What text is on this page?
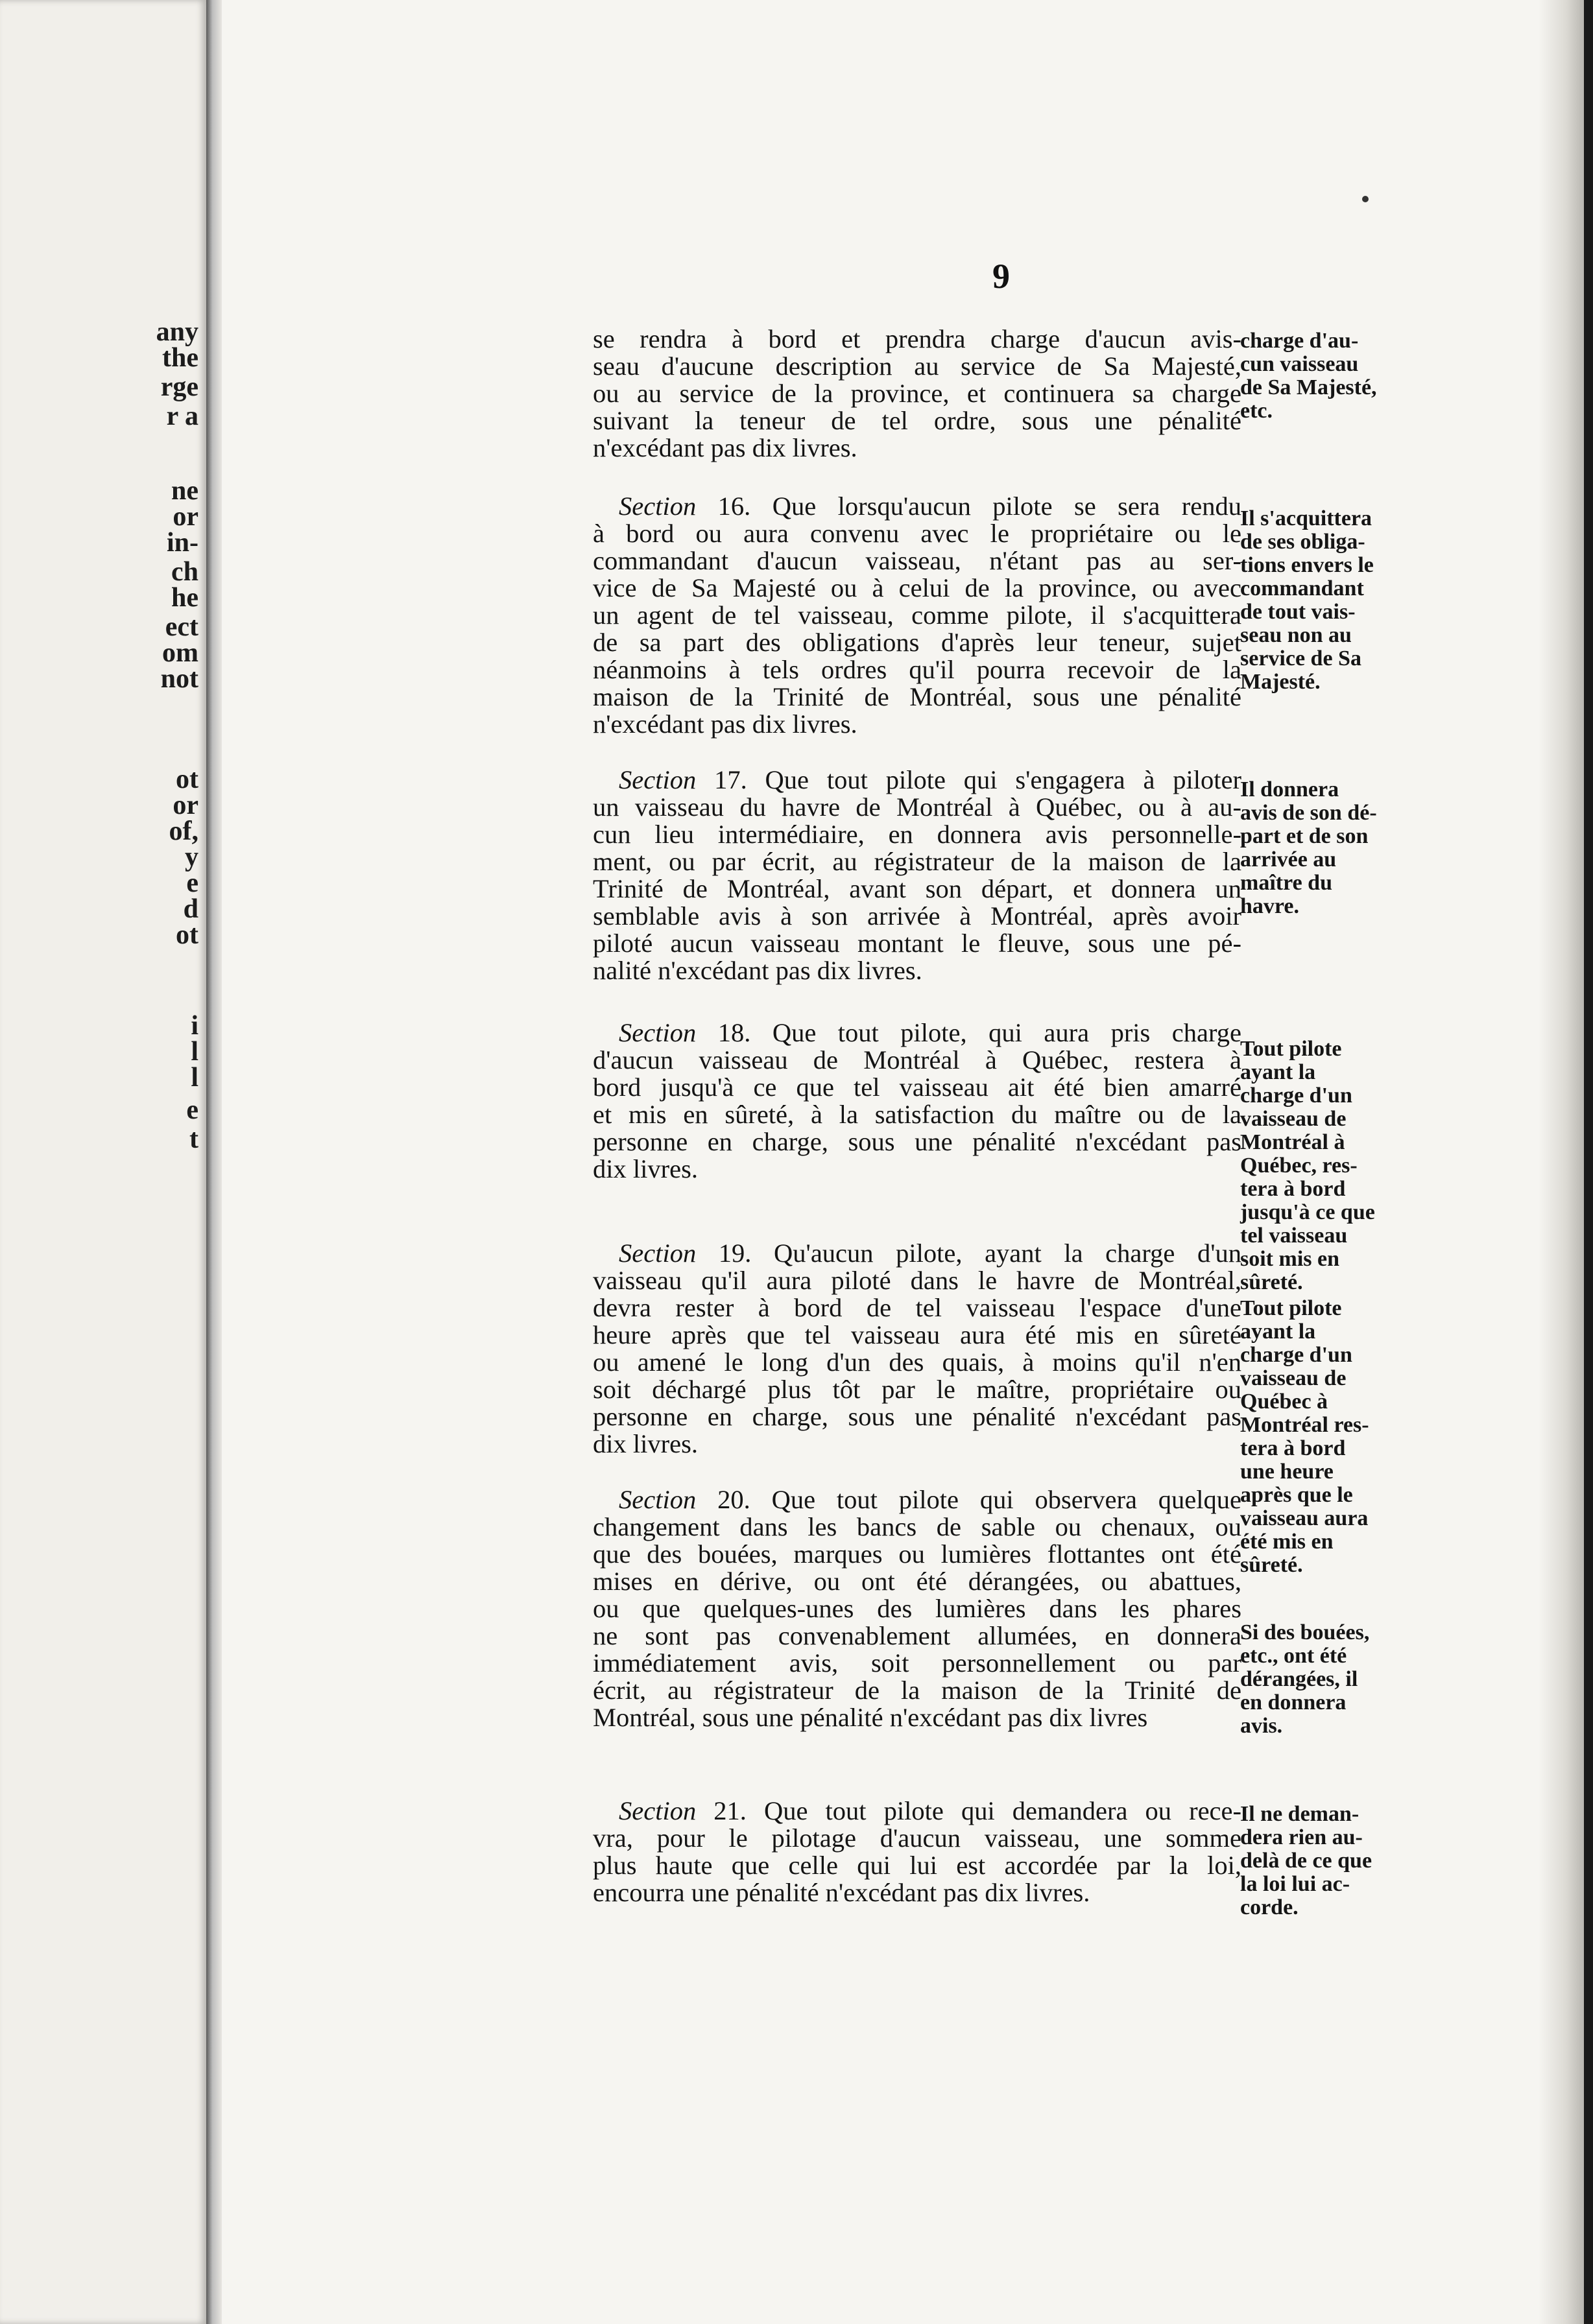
any
the
rge
r a
ne
or
in-
ch
he
ect
om
not
ot
or
of,
y
e
d
ot
i
l
l
e
t
9
se rendra à bord et prendra charge d'aucun avis-
seau d'aucune description au service de Sa Majesté,
ou au service de la province, et continuera sa charge
suivant la teneur de tel ordre, sous une pénalité
n'excédant pas dix livres.
charge d'au-
cun vaisseau
de Sa Majesté,
etc.
Section 16. Que lorsqu'aucun pilote se sera rendu
à bord ou aura convenu avec le propriétaire ou le
commandant d'aucun vaisseau, n'étant pas au ser-
vice de Sa Majesté ou à celui de la province, ou avec
un agent de tel vaisseau, comme pilote, il s'acquittera
de sa part des obligations d'après leur teneur, sujet
néanmoins à tels ordres qu'il pourra recevoir de la
maison de la Trinité de Montréal, sous une pénalité
n'excédant pas dix livres.
Il s'acquittera
de ses obliga-
tions envers le
commandant
de tout vais-
seau non au
service de Sa
Majesté.
Section 17. Que tout pilote qui s'engagera à piloter
un vaisseau du havre de Montréal à Québec, ou à au-
cun lieu intermédiaire, en donnera avis personnelle-
ment, ou par écrit, au régistrateur de la maison de la
Trinité de Montréal, avant son départ, et donnera un
semblable avis à son arrivée à Montréal, après avoir
piloté aucun vaisseau montant le fleuve, sous une pé-
nalité n'excédant pas dix livres.
Il donnera
avis de son dé-
part et de son
arrivée au
maître du
havre.
Section 18. Que tout pilote, qui aura pris charge
d'aucun vaisseau de Montréal à Québec, restera à
bord jusqu'à ce que tel vaisseau ait été bien amarré
et mis en sûreté, à la satisfaction du maître ou de la
personne en charge, sous une pénalité n'excédant pas
dix livres.
Tout pilote
ayant la
charge d'un
vaisseau de
Montréal à
Québec, res-
tera à bord
jusqu'à ce que
tel vaisseau
soit mis en
sûreté.
Section 19. Qu'aucun pilote, ayant la charge d'un
vaisseau qu'il aura piloté dans le havre de Montréal,
devra rester à bord de tel vaisseau l'espace d'une
heure après que tel vaisseau aura été mis en sûreté
ou amené le long d'un des quais, à moins qu'il n'en
soit déchargé plus tôt par le maître, propriétaire ou
personne en charge, sous une pénalité n'excédant pas
dix livres.
Tout pilote
ayant la
charge d'un
vaisseau de
Québec à
Montréal res-
tera à bord
une heure
après que le
vaisseau aura
été mis en
sûreté.
Section 20. Que tout pilote qui observera quelque
changement dans les bancs de sable ou chenaux, ou
que des bouées, marques ou lumières flottantes ont été
mises en dérive, ou ont été dérangées, ou abattues,
ou que quelques-unes des lumières dans les phares
ne sont pas convenablement allumées, en donnera
immédiatement avis, soit personnellement ou par
écrit, au régistrateur de la maison de la Trinité de
Montréal, sous une pénalité n'excédant pas dix livres
Si des bouées,
etc., ont été
dérangées, il
en donnera
avis.
Section 21. Que tout pilote qui demandera ou rece-
vra, pour le pilotage d'aucun vaisseau, une somme
plus haute que celle qui lui est accordée par la loi,
encourra une pénalité n'excédant pas dix livres.
Il ne deman-
dera rien au-
delà de ce que
la loi lui ac-
corde.
